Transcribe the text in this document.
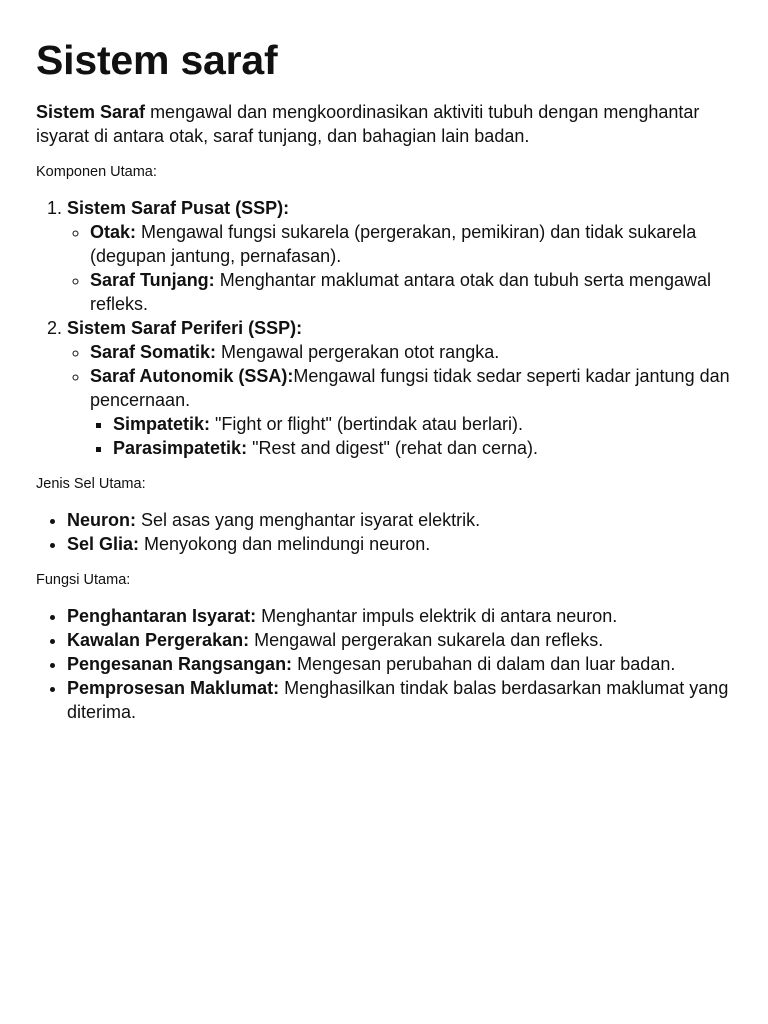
Sistem saraf

Sistem Saraf mengawal dan mengkoordinasikan aktiviti tubuh dengan menghantar isyarat di antara otak, saraf tunjang, dan bahagian lain badan.

Komponen Utama:

1. Sistem Saraf Pusat (SSP):
◦ Otak: Mengawal fungsi sukarela (pergerakan, pemikiran) dan tidak sukarela (degupan jantung, pernafasan).
◦ Saraf Tunjang: Menghantar maklumat antara otak dan tubuh serta mengawal refleks.
2. Sistem Saraf Periferi (SSP):
◦ Saraf Somatik: Mengawal pergerakan otot rangka.
◦ Saraf Autonomik (SSA):Mengawal fungsi tidak sedar seperti kadar jantung dan pencernaan.
▪ Simpatetik: "Fight or flight" (bertindak atau berlari).
▪ Parasimpatetik: "Rest and digest" (rehat dan cerna).

Jenis Sel Utama:

• Neuron: Sel asas yang menghantar isyarat elektrik.
• Sel Glia: Menyokong dan melindungi neuron.

Fungsi Utama:

• Penghantaran Isyarat: Menghantar impuls elektrik di antara neuron.
• Kawalan Pergerakan: Mengawal pergerakan sukarela dan refleks.
• Pengesanan Rangsangan: Mengesan perubahan di dalam dan luar badan.
• Pemprosesan Maklumat: Menghasilkan tindak balas berdasarkan maklumat yang diterima.
